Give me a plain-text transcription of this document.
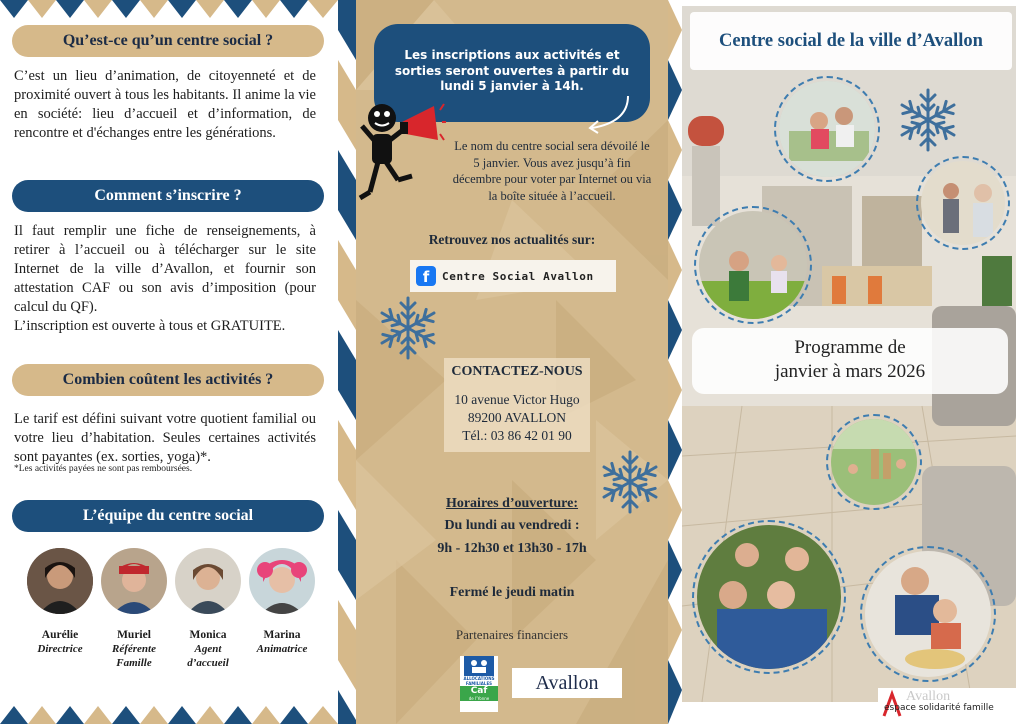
Qu’est-ce qu’un centre social ?

C’est un lieu d’animation, de citoyenneté et de proximité ouvert à tous les habitants. Il anime la vie en société: lieu d’accueil et d’information, de rencontre et d'échanges entre les générations.

Comment s’inscrire ?

Il faut remplir une fiche de renseignements, à retirer à l’accueil ou à télécharger sur le site Internet de la ville d’Avallon, et fournir son attestation CAF ou son avis d’imposition (pour calcul du QF).

L’inscription est ouverte à tous et GRATUITE.

Combien coûtent les activités ?

Le tarif est défini suivant votre quotient familial ou votre lieu d’habitation. Seules certaines activités sont payantes (ex. sorties, yoga)*.

*Les activités payées ne sont pas remboursées.
L’équipe du centre social
Aurélie
Directrice
Muriel
Référente
Famille
Monica
Agent
d’accueil
Marina
Animatrice
Les inscriptions aux activités et sorties seront ouvertes à partir du lundi 5 janvier à 14h.
Le nom du centre social sera dévoilé le 5 janvier. Vous avez jusqu’à fin décembre pour voter par Internet ou via la boîte située à l’accueil.
Retrouvez nos actualités sur:
f	Centre Social Avallon
CONTACTEZ-NOUS
10 avenue Victor Hugo
89200 AVALLON
Tél.: 03 86 42 01 90
Horaires d’ouverture:
Du lundi au vendredi :
9h - 12h30 et 13h30 - 17h
Fermé le jeudi matin
Partenaires financiers
ALLOCATIONS
FAMILIALES
Caf
de l’Yonne
Avallon
Centre social de la ville d’Avallon
Programme de
janvier à mars 2026
Avallon
espace solidarité famille
